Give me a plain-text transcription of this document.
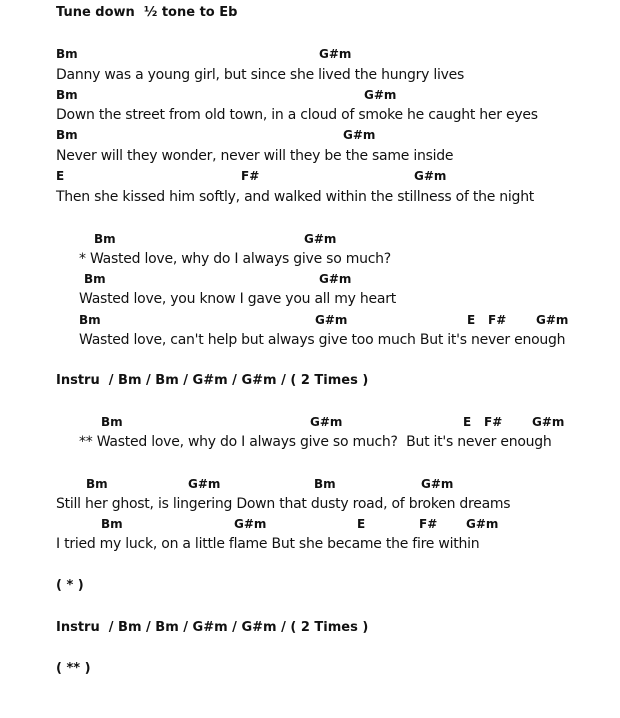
Tune down  ½ tone to Eb

Bm

	G#m

Danny was a young girl, but since she lived the hungry lives

Bm

	G#m

Down the street from old town, in a cloud of smoke he caught her eyes

Bm

	G#m

Never will they wonder, never will they be the same inside

E

	F#

	G#m

Then she kissed him softly, and walked within the stillness of the night

Bm

	G#m

* Wasted love, why do I always give so much?

Bm

	G#m

Wasted love, you know I gave you all my heart

Bm

	G#m

	E

F#

G#m

Wasted love, can't help but always give too much But it's never enough

Instru  / Bm / Bm / G#m / G#m / ( 2 Times )

Bm

	G#m

	E

F#

G#m

** Wasted love, why do I always give so much?  But it's never enough

Bm

	G#m

	Bm

	G#m

Still her ghost, is lingering Down that dusty road, of broken dreams

Bm

	G#m

	E

	F#

G#m

I tried my luck, on a little flame But she became the fire within

( * )

Instru  / Bm / Bm / G#m / G#m / ( 2 Times )

( ** )
